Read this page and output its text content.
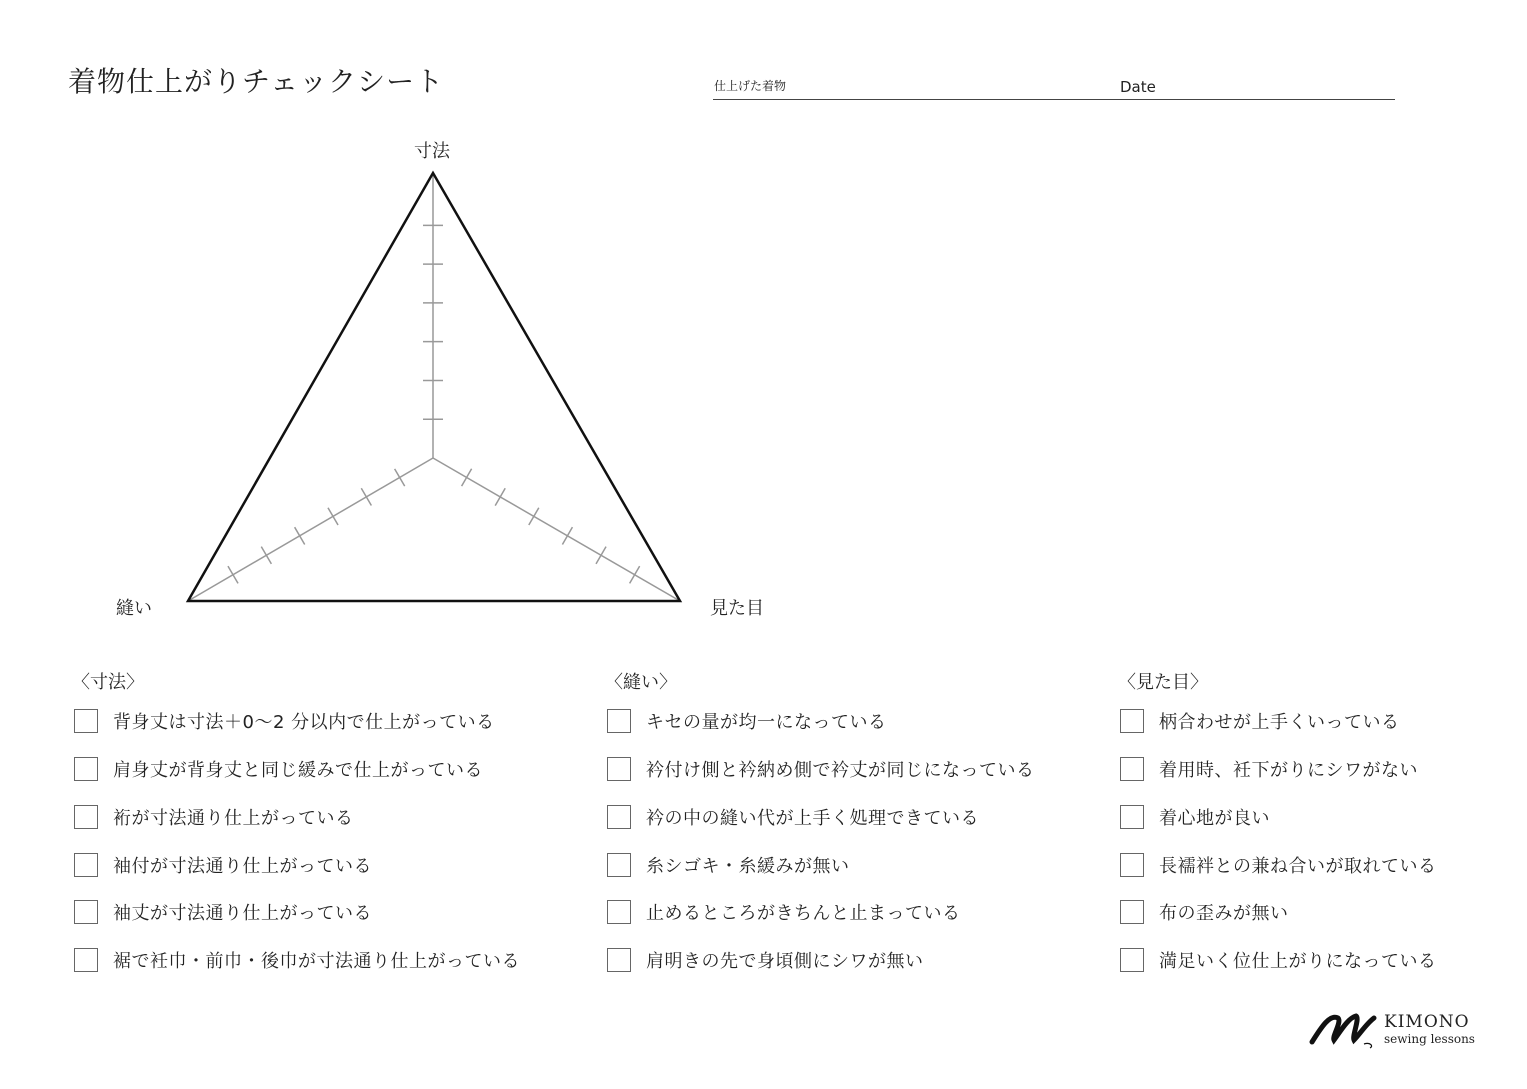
着物仕上がりチェックシート	仕上げた着物	Date
寸法
縫い	見た目
〈寸法〉
背身丈は寸法＋0〜2 分以内で仕上がっている
肩身丈が背身丈と同じ緩みで仕上がっている
裄が寸法通り仕上がっている
袖付が寸法通り仕上がっている
袖丈が寸法通り仕上がっている
裾で衽巾・前巾・後巾が寸法通り仕上がっている
〈縫い〉
キセの量が均一になっている
衿付け側と衿納め側で衿丈が同じになっている
衿の中の縫い代が上手く処理できている
糸シゴキ・糸緩みが無い
止めるところがきちんと止まっている
肩明きの先で身頃側にシワが無い
〈見た目〉
柄合わせが上手くいっている
着用時、衽下がりにシワがない
着心地が良い
長襦袢との兼ね合いが取れている
布の歪みが無い
満足いく位仕上がりになっている
KIMONO
sewing lessons
